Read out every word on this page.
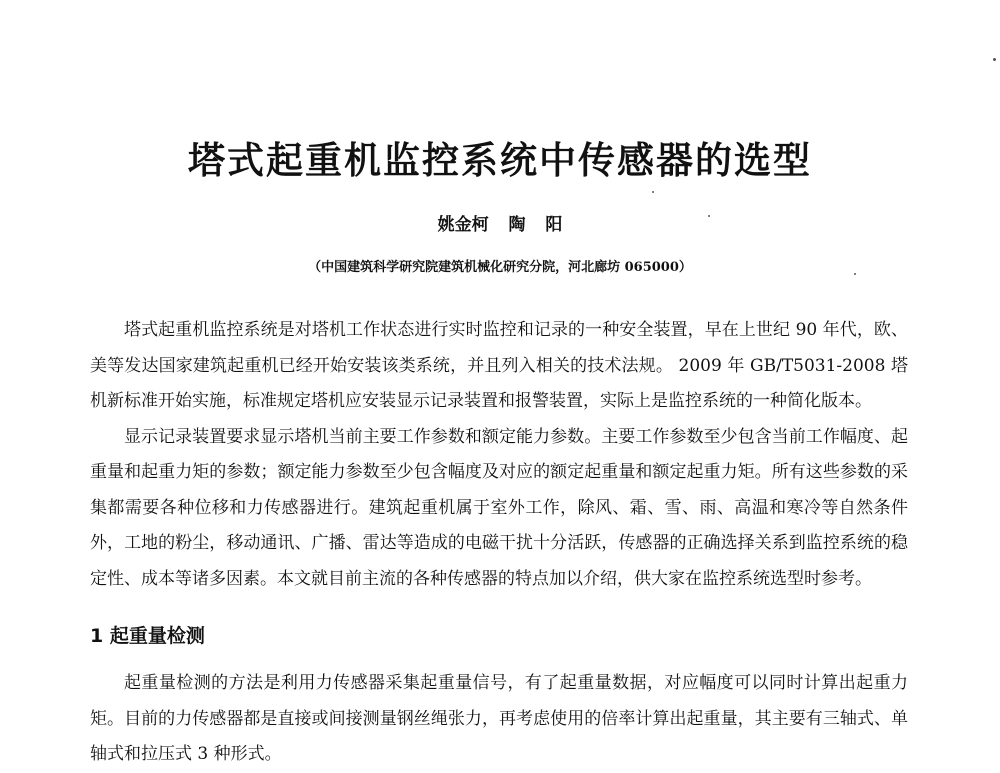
塔式起重机监控系统中传感器的选型
姚金柯 陶 阳
（中国建筑科学研究院建筑机械化研究分院，河北廊坊 065000）

塔式起重机监控系统是对塔机工作状态进行实时监控和记录的一种安全装置，早在上世纪 90 年代，欧、美等发达国家建筑起重机已经开始安装该类系统，并且列入相关的技术法规。 2009 年 GB/T5031-2008 塔机新标准开始实施，标准规定塔机应安装显示记录装置和报警装置，实际上是监控系统的一种简化版本。

显示记录装置要求显示塔机当前主要工作参数和额定能力参数。主要工作参数至少包含当前工作幅度、起重量和起重力矩的参数；额定能力参数至少包含幅度及对应的额定起重量和额定起重力矩。所有这些参数的采集都需要各种位移和力传感器进行。建筑起重机属于室外工作，除风、霜、雪、雨、高温和寒冷等自然条件外，工地的粉尘，移动通讯、广播、雷达等造成的电磁干扰十分活跃，传感器的正确选择关系到监控系统的稳定性、成本等诸多因素。本文就目前主流的各种传感器的特点加以介绍，供大家在监控系统选型时参考。

1 起重量检测

起重量检测的方法是利用力传感器采集起重量信号，有了起重量数据，对应幅度可以同时计算出起重力矩。目前的力传感器都是直接或间接测量钢丝绳张力，再考虑使用的倍率计算出起重量，其主要有三轴式、单轴式和拉压式 3 种形式。
